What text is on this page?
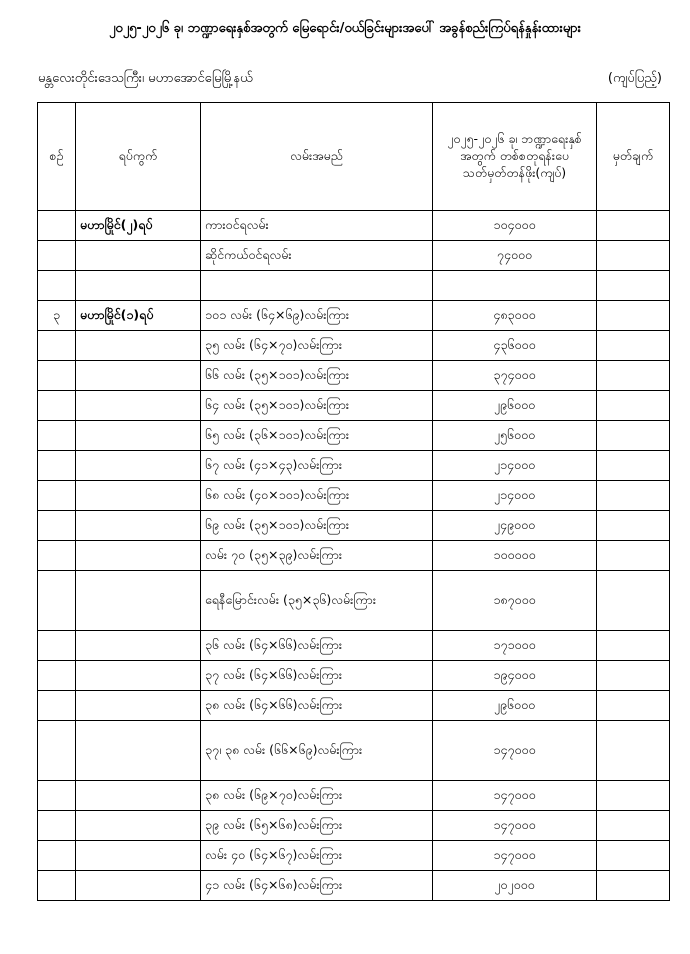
၂၀၂၅-၂၀၂၆ ခု၊ ဘဏ္ဍာရေးနှစ်အတွက် မြေရောင်း/ဝယ်ခြင်းများအပေါ် အခွန်စည်းကြပ်ရန်နှုန်းထားများ
မန္တလေးတိုင်းဒေသကြီး၊ မဟာအောင်မြေမြို့နယ်	(ကျပ်ပြည့်)
စဉ်	ရပ်ကွက်	လမ်းအမည်	၂၀၂၅-၂၀၂၆ ခု၊ ဘဏ္ဍာရေးနှစ်အတွက် တစ်စတုရန်းပေ သတ်မှတ်တန်ဖိုး(ကျပ်)	မှတ်ချက်
	မဟာမြိုင်(၂)ရပ်	ကားဝင်ရလမ်း	၁၀၄၀၀၀	
		ဆိုင်ကယ်ဝင်ရလမ်း	၇၄၀၀၀	

၃	မဟာမြိုင်(၁)ရပ်	၁၀၁ လမ်း (၆၄×၆၉)လမ်းကြား	၄၈၃၀၀၀	
		၃၅ လမ်း (၆၄×၇၀)လမ်းကြား	၄၃၆၀၀၀	
		၆၆ လမ်း (၃၅×၁၀၁)လမ်းကြား	၃၇၄၀၀၀	
		၆၄ လမ်း (၃၅×၁၀၁)လမ်းကြား	၂၉၆၀၀၀	
		၆၅ လမ်း (၃၆×၁၀၁)လမ်းကြား	၂၅၆၀၀၀	
		၆၇ လမ်း (၄၁×၄၃)လမ်းကြား	၂၁၄၀၀၀	
		၆၈ လမ်း (၄၀×၁၀၁)လမ်းကြား	၂၁၄၀၀၀	
		၆၉ လမ်း (၃၅×၁၀၁)လမ်းကြား	၂၄၉၀၀၀	
		လမ်း ၇၀ (၃၅×၃၉)လမ်းကြား	၁၀၀၀၀၀	
		ရေနီမြောင်းလမ်း (၃၅×၃၆)လမ်းကြား	၁၈၇၀၀၀	
		၃၆ လမ်း (၆၄×၆၆)လမ်းကြား	၁၇၁၀၀၀	
		၃၇ လမ်း (၆၄×၆၆)လမ်းကြား	၁၉၄၀၀၀	
		၃၈ လမ်း (၆၄×၆၆)လမ်းကြား	၂၉၆၀၀၀	
		၃၇၊ ၃၈ လမ်း (၆၆×၆၉)လမ်းကြား	၁၄၇၀၀၀	
		၃၈ လမ်း (၆၉×၇၀)လမ်းကြား	၁၄၇၀၀၀	
		၃၉ လမ်း (၆၅×၆၈)လမ်းကြား	၁၄၇၀၀၀	
		လမ်း ၄၀ (၆၄×၆၇)လမ်းကြား	၁၄၇၀၀၀	
		၄၁ လမ်း (၆၄×၆၈)လမ်းကြား	၂၀၂၀၀၀	
